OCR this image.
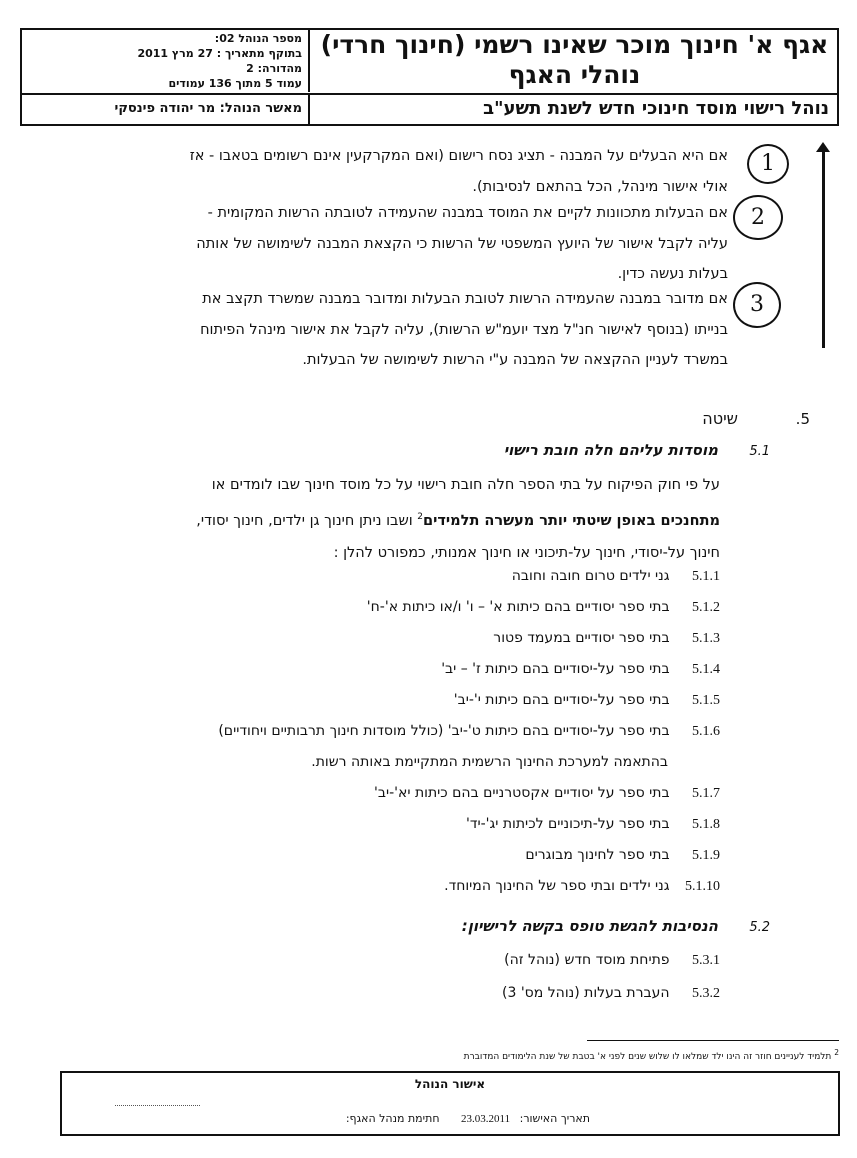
מספר הנוהל 02:
בתוקף מתאריך : 27 מרץ 2011
מהדורה: 2
עמוד 5 מתוך 136 עמודים
אגף א' חינוך מוכר שאינו רשמי (חינוך חרדי)
נוהלי האגף
מאשר הנוהל: מר יהודה פינסקי	נוהל רישוי מוסד חינוכי חדש לשנת תשע"ב
1
2
3
אם היא הבעלים על המבנה - תציג נסח רישום (ואם המקרקעין אינם רשומים בטאבו - אז
אולי אישור מינהל, הכל בהתאם לנסיבות).
אם הבעלות מתכוונות לקיים את המוסד במבנה שהעמידה לטובתה הרשות המקומית -
עליה לקבל אישור של היועץ המשפטי של הרשות כי הקצאת המבנה לשימושה של אותה
בעלות נעשה כדין.
אם מדובר במבנה שהעמידה הרשות לטובת הבעלות ומדובר במבנה שמשרד תקצב את
בנייתו (בנוסף לאישור חנ"ל מצד יועמ"ש הרשות), עליה לקבל את אישור מינהל הפיתוח
במשרד לעניין ההקצאה של המבנה ע"י הרשות לשימושה של הבעלות.
5.
שיטה
5.1
מוסדות עליהם חלה חובת רישוי
על פי חוק הפיקוח על בתי הספר חלה חובת רישוי על כל מוסד חינוך שבו לומדים או
מתחנכים באופן שיטתי יותר מעשרה תלמידים$^2$ ושבו ניתן חינוך גן ילדים, חינוך יסודי,
חינוך על-יסודי, חינוך על-תיכוני או חינוך אמנותי, כמפורט להלן :
5.1.1 גני ילדים טרום חובה וחובה
5.1.2 בתי ספר יסודיים בהם כיתות א' – ו' ו/או כיתות א'-ח'
5.1.3 בתי ספר יסודיים במעמד פטור
5.1.4 בתי ספר על-יסודיים בהם כיתות ז' – יב'
5.1.5 בתי ספר על-יסודיים בהם כיתות י'-יב'
5.1.6 בתי ספר על-יסודיים בהם כיתות ט'-יב' (כולל מוסדות חינוך תרבותיים ויחודיים)
בהתאמה למערכת החינוך הרשמית המתקיימת באותה רשות.
5.1.7 בתי ספר על יסודיים אקסטרניים בהם כיתות יא'-יב'
5.1.8 בתי ספר על-תיכוניים לכיתות יג'-יד'
5.1.9 בתי ספר לחינוך מבוגרים
5.1.10 גני ילדים ובתי ספר של החינוך המיוחד.
5.2
הנסיבות להגשת טופס בקשה לרישיון:
5.3.1 פתיחת מוסד חדש (נוהל זה)
5.3.2 העברת בעלות (נוהל מס' 3)
$^2$ תלמיד לעניינים חוזר זה הינו ילד שמלאו לו שלוש שנים לפני א' בטבת של שנת הלימודים המדוברת
אישור הנוהל
תאריך האישור: 23.03.2011 חתימת מנהל האגף:
